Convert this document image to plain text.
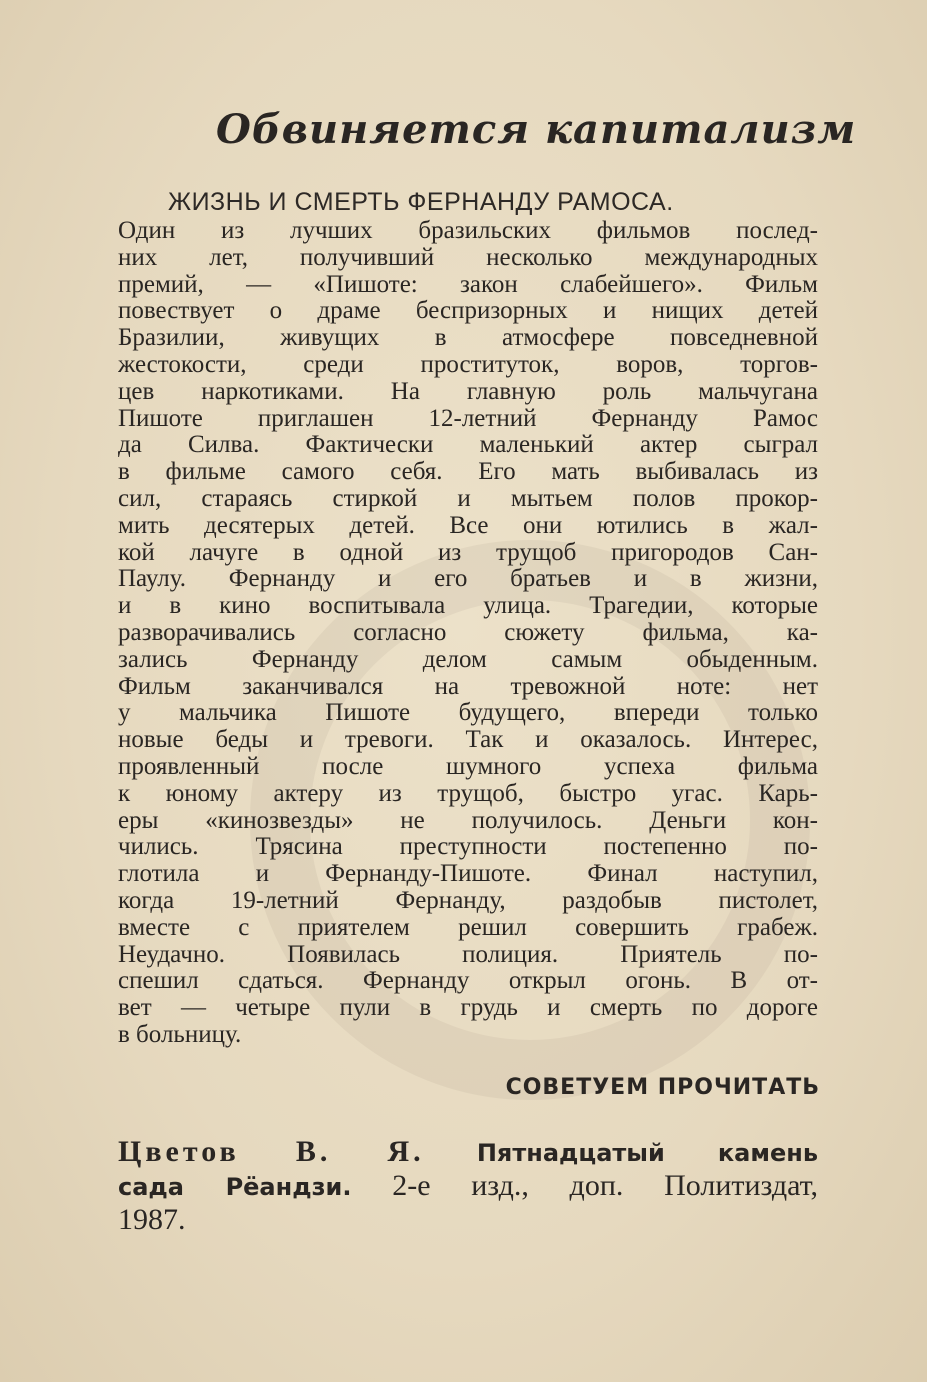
Обвиняется капитализм
ЖИЗНЬ И СМЕРТЬ ФЕРНАНДУ РАМОСА.
Один из лучших бразильских фильмов послед-
них лет, получивший несколько международных
премий, — «Пишоте: закон слабейшего». Фильм
повествует о драме беспризорных и нищих детей
Бразилии, живущих в атмосфере повседневной
жестокости, среди проституток, воров, торгов-
цев наркотиками. На главную роль мальчугана
Пишоте приглашен 12-летний Фернанду Рамос
да Силва. Фактически маленький актер сыграл
в фильме самого себя. Его мать выбивалась из
сил, стараясь стиркой и мытьем полов прокор-
мить десятерых детей. Все они ютились в жал-
кой лачуге в одной из трущоб пригородов Сан-
Паулу. Фернанду и его братьев и в жизни,
и в кино воспитывала улица. Трагедии, которые
разворачивались согласно сюжету фильма, ка-
зались Фернанду делом самым обыденным.
Фильм заканчивался на тревожной ноте: нет
у мальчика Пишоте будущего, впереди только
новые беды и тревоги. Так и оказалось. Интерес,
проявленный после шумного успеха фильма
к юному актеру из трущоб, быстро угас. Карь-
еры «кинозвезды» не получилось. Деньги кон-
чились. Трясина преступности постепенно по-
глотила и Фернанду-Пишоте. Финал наступил,
когда 19-летний Фернанду, раздобыв пистолет,
вместе с приятелем решил совершить грабеж.
Неудачно. Появилась полиция. Приятель по-
спешил сдаться. Фернанду открыл огонь. В от-
вет — четыре пули в грудь и смерть по дороге
в больницу.
СОВЕТУЕМ ПРОЧИТАТЬ
Цветов В. Я. Пятнадцатый камень
сада Рёандзи. 2-е изд., доп. Политиздат,
1987.
